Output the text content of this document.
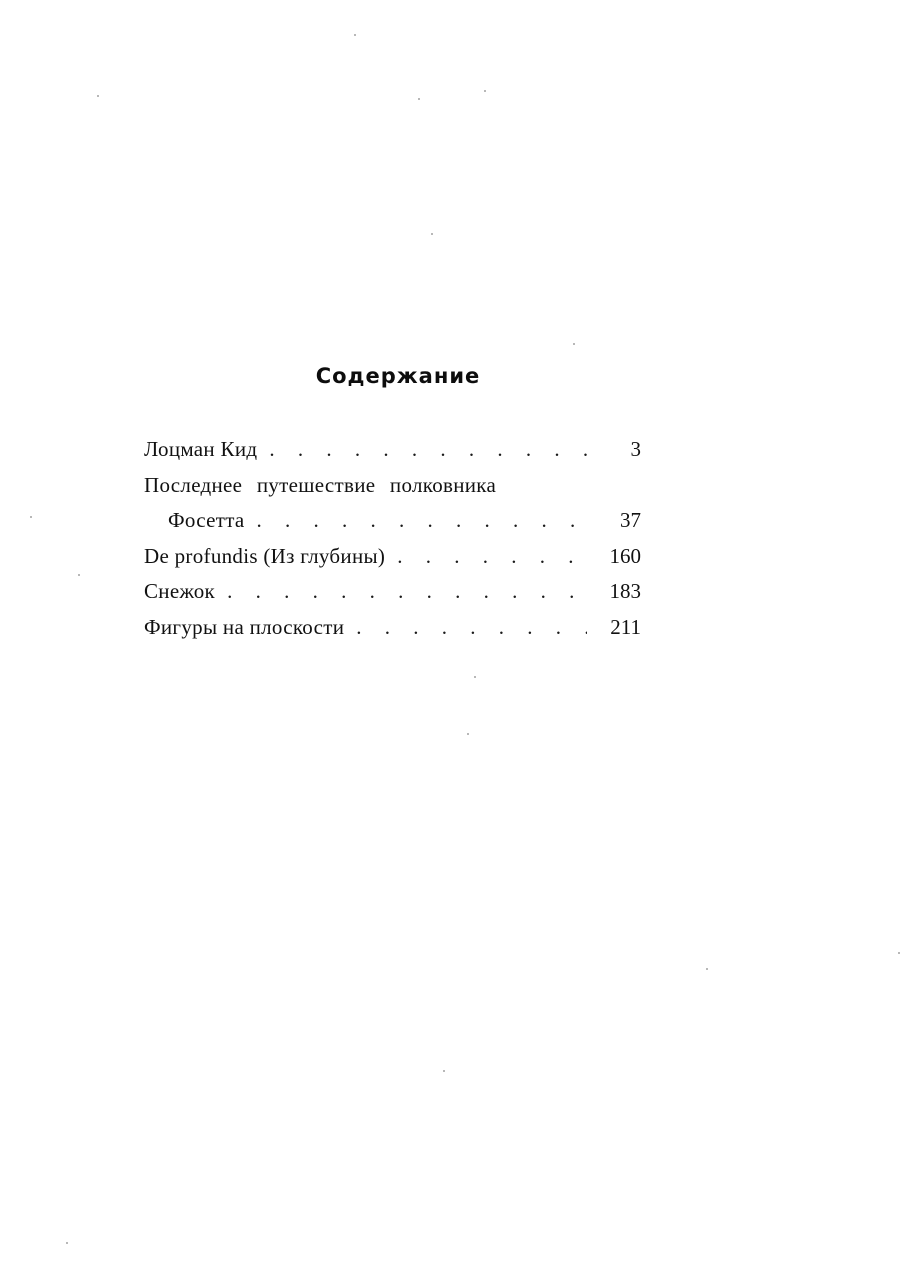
Содержание
Лоцман Кид . . .	3
Последнее путешествие полковника
Фосетта . . .	37
De profundis (Из глубины) . . .	160
Снежок . . .	183
Фигуры на плоскости . . .	211
